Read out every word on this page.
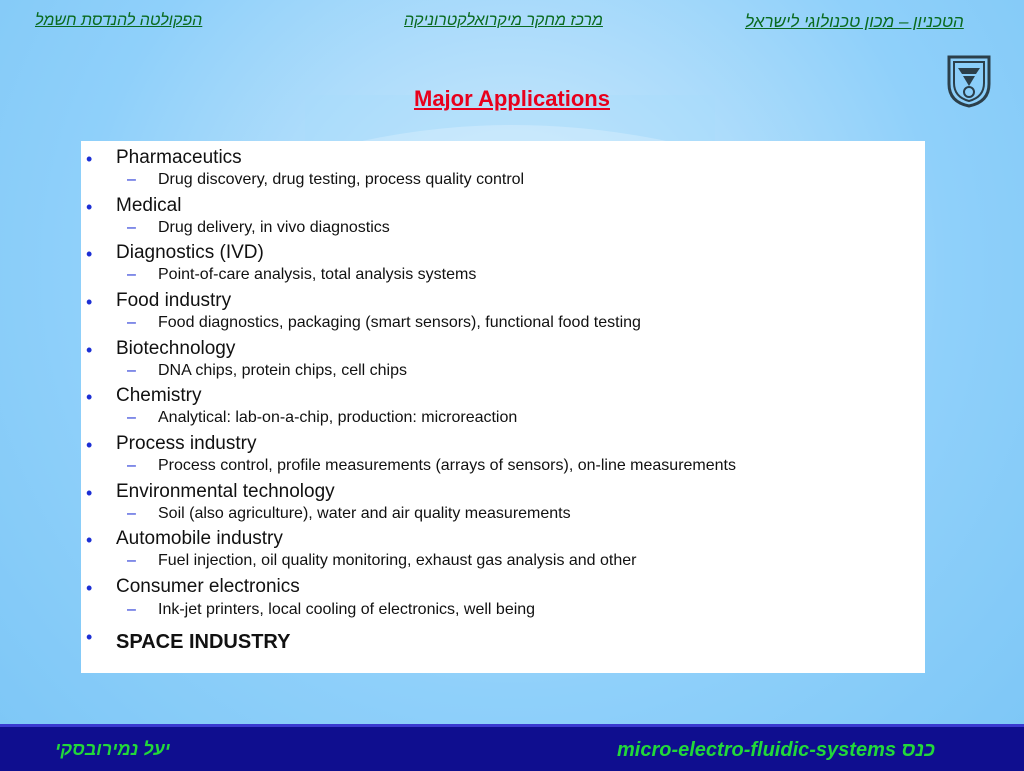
הפקולטה להנדסת חשמל	מרכז מחקר מיקרואלקטרוניקה	הטכניון – מכון טכנולוגי לישראל
Major Applications
• Pharmaceutics
– Drug discovery, drug testing, process quality control
• Medical
– Drug delivery, in vivo diagnostics
• Diagnostics (IVD)
– Point-of-care analysis, total analysis systems
• Food industry
– Food diagnostics, packaging (smart sensors), functional food testing
• Biotechnology
– DNA chips, protein chips, cell chips
• Chemistry
– Analytical: lab-on-a-chip, production: microreaction
• Process industry
– Process control, profile measurements (arrays of sensors), on-line measurements
• Environmental technology
– Soil (also agriculture), water and air quality measurements
• Automobile industry
– Fuel injection, oil quality monitoring, exhaust gas analysis and other
• Consumer electronics
– Ink-jet printers, local cooling of electronics, well being
• SPACE INDUSTRY
יעל נמירובסקי	micro-electro-fluidic-systems כנס
